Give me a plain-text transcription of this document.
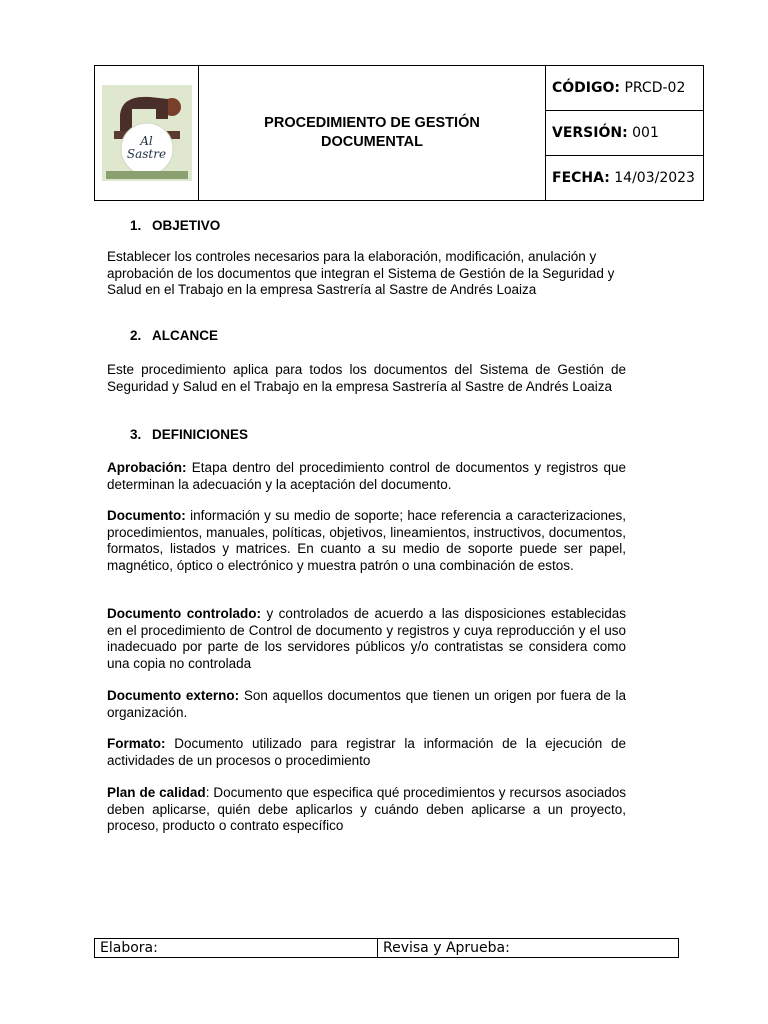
Al
Sastre

PROCEDIMIENTO DE GESTIÓN
DOCUMENTAL
	CÓDIGO: PRCD-02
VERSIÓN: 001
FECHA: 14/03/2023
1. OBJETIVO
Establecer los controles necesarios para la elaboración, modificación, anulación y aprobación de los documentos que integran el Sistema de Gestión de la Seguridad y Salud en el Trabajo en la empresa Sastrería al Sastre de Andrés Loaiza
2. ALCANCE
Este procedimiento aplica para todos los documentos del Sistema de Gestión de Seguridad y Salud en el Trabajo en la empresa Sastrería al Sastre de Andrés Loaiza
3. DEFINICIONES
Aprobación: Etapa dentro del procedimiento control de documentos y registros que determinan la adecuación y la aceptación del documento.
Documento: información y su medio de soporte; hace referencia a caracterizaciones, procedimientos, manuales, políticas, objetivos, lineamientos, instructivos, documentos, formatos, listados y matrices. En cuanto a su medio de soporte puede ser papel, magnético, óptico o electrónico y muestra patrón o una combinación de estos.
Documento controlado: y controlados de acuerdo a las disposiciones establecidas en el procedimiento de Control de documento y registros y cuya reproducción y el uso inadecuado por parte de los servidores públicos y/o contratistas se considera como una copia no controlada
Documento externo: Son aquellos documentos que tienen un origen por fuera de la organización.
Formato: Documento utilizado para registrar la información de la ejecución de actividades de un procesos o procedimiento
Plan de calidad: Documento que especifica qué procedimientos y recursos asociados deben aplicarse, quién debe aplicarlos y cuándo deben aplicarse a un proyecto, proceso, producto o contrato específico
Elabora:	Revisa y Aprueba:
